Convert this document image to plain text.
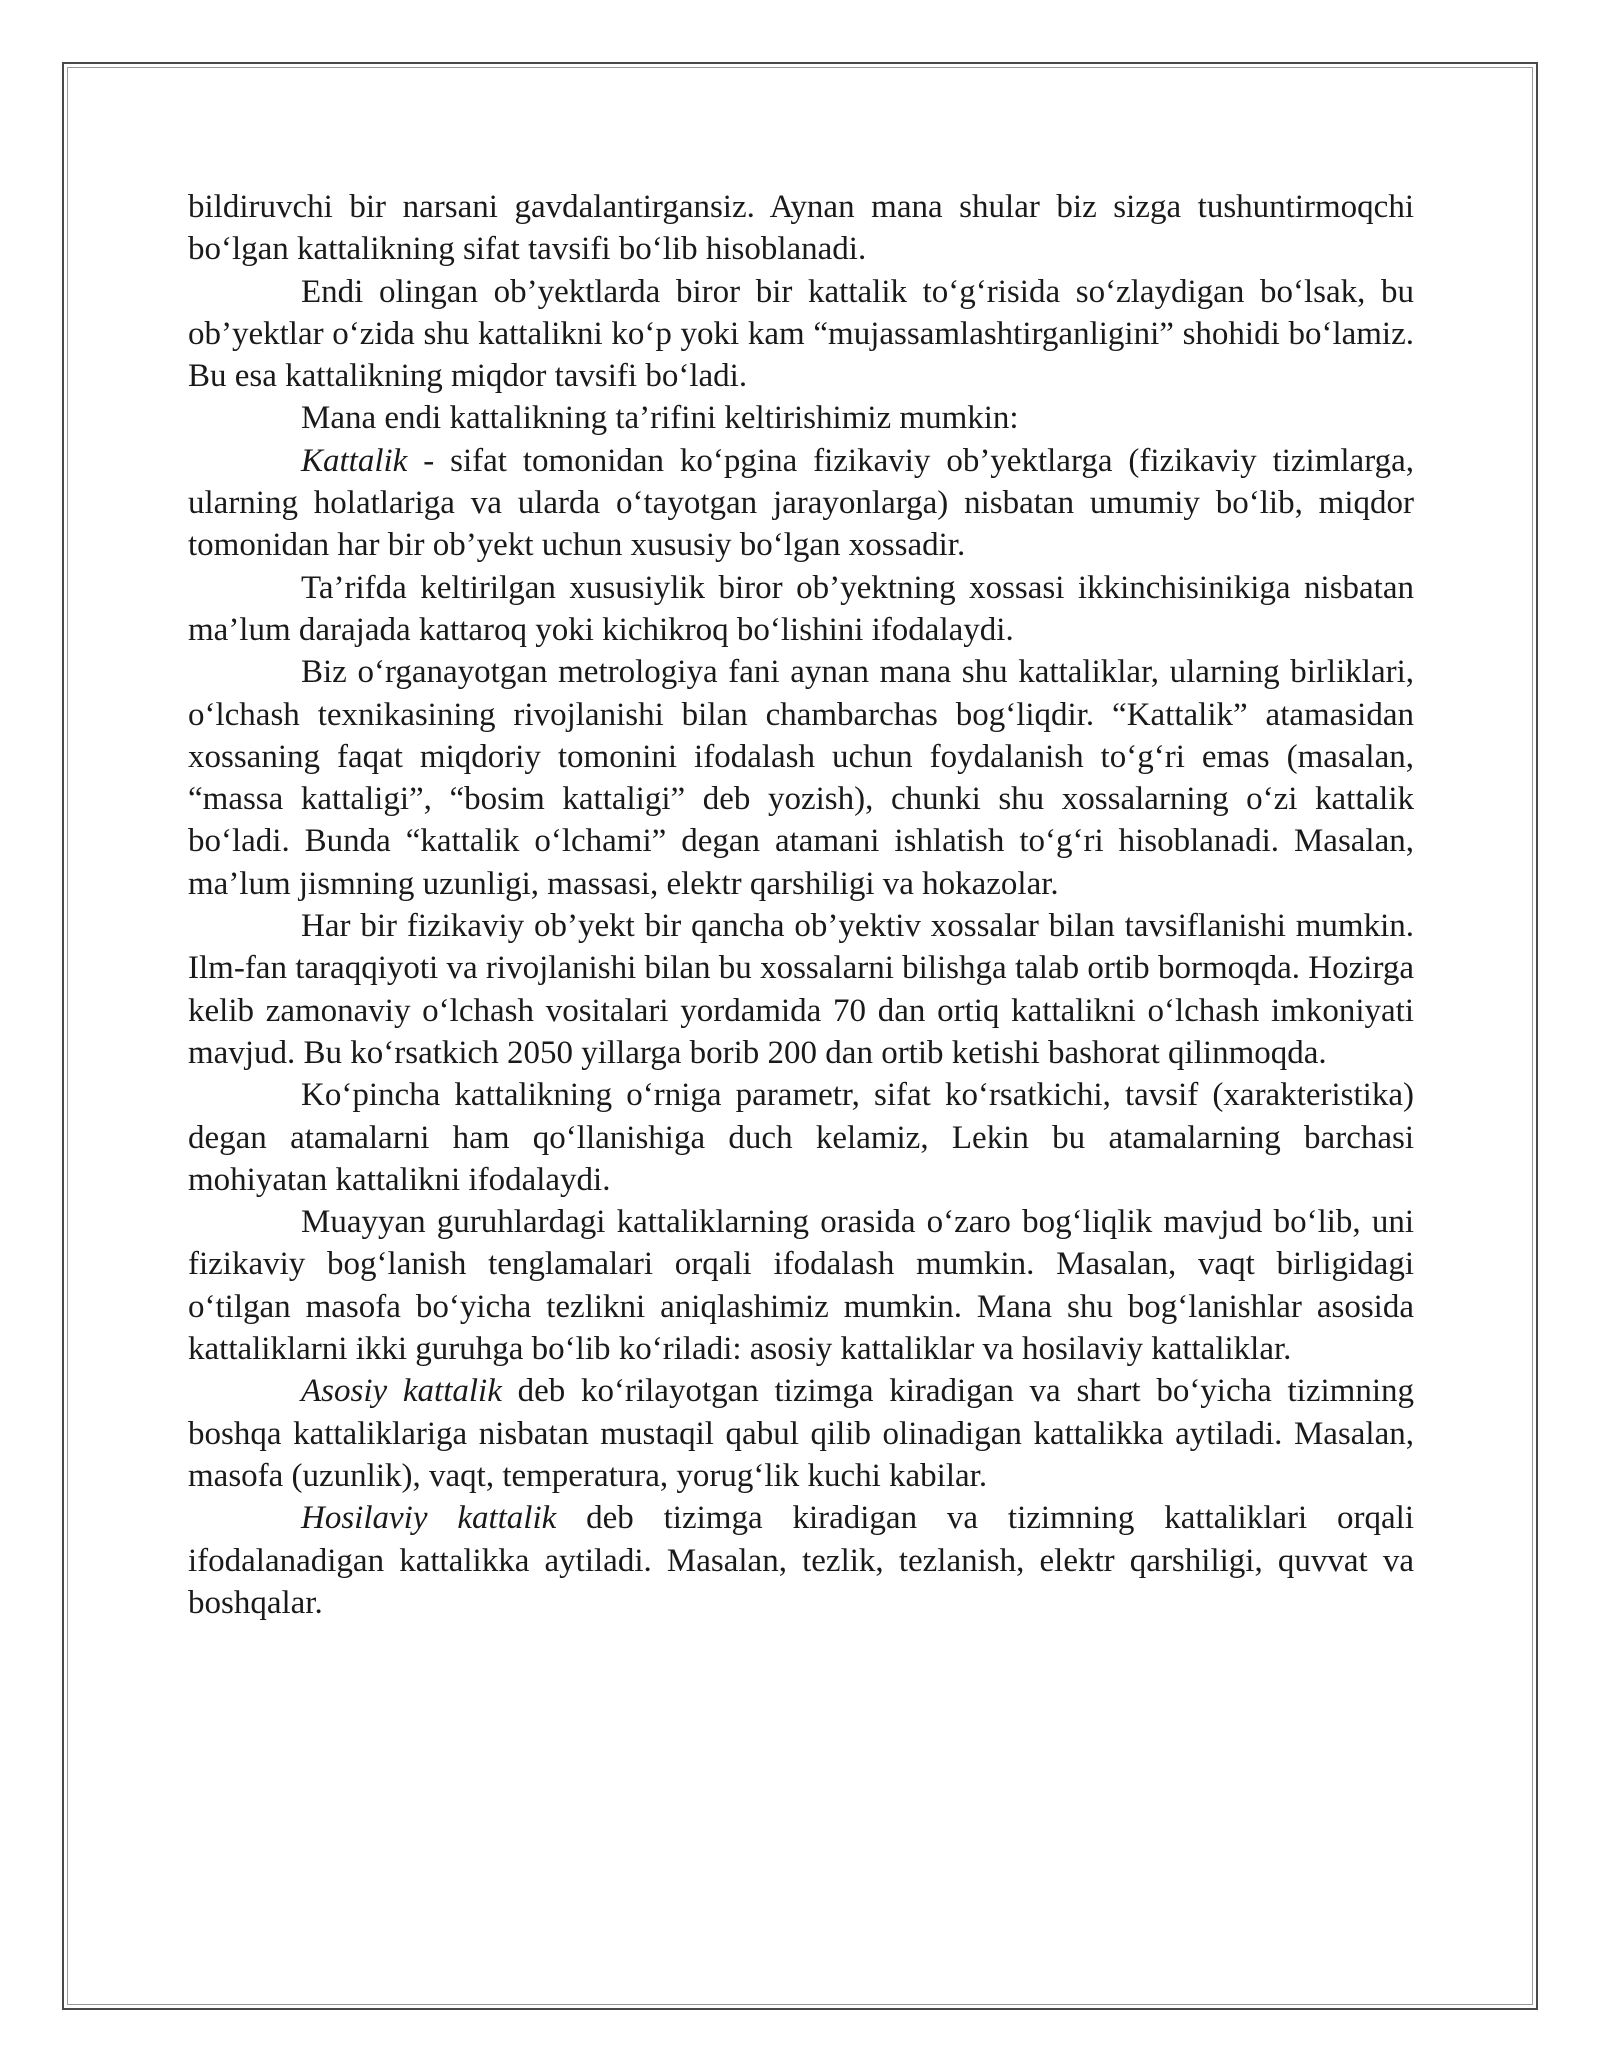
bildiruvchi bir narsani gavdalantirgansiz. Aynan mana shular biz sizga tushuntirmoqchi bo‘lgan kattalikning sifat tavsifi bo‘lib hisoblanadi.

Endi olingan ob’yektlarda biror bir kattalik to‘g‘risida so‘zlaydigan bo‘lsak, bu ob’yektlar o‘zida shu kattalikni ko‘p yoki kam “mujassamlashtirganligini” shohidi bo‘lamiz. Bu esa kattalikning miqdor tavsifi bo‘ladi.

Mana endi kattalikning ta’rifini keltirishimiz mumkin:

Kattalik - sifat tomonidan ko‘pgina fizikaviy ob’yektlarga (fizikaviy tizimlarga, ularning holatlariga va ularda o‘tayotgan jarayonlarga) nisbatan umumiy bo‘lib, miqdor tomonidan har bir ob’yekt uchun xususiy bo‘lgan xossadir.

Ta’rifda keltirilgan xususiylik biror ob’yektning xossasi ikkinchisinikiga nisbatan ma’lum darajada kattaroq yoki kichikroq bo‘lishini ifodalaydi.

Biz o‘rganayotgan metrologiya fani aynan mana shu kattaliklar, ularning birliklari, o‘lchash texnikasining rivojlanishi bilan chambarchas bog‘liqdir. “Kattalik” atamasidan xossaning faqat miqdoriy tomonini ifodalash uchun foydalanish to‘g‘ri emas (masalan, “massa kattaligi”, “bosim kattaligi” deb yozish), chunki shu xossalarning o‘zi kattalik bo‘ladi. Bunda “kattalik o‘lchami” degan atamani ishlatish to‘g‘ri hisoblanadi. Masalan, ma’lum jismning uzunligi, massasi, elektr qarshiligi va hokazolar.

Har bir fizikaviy ob’yekt bir qancha ob’yektiv xossalar bilan tavsiflanishi mumkin. Ilm-fan taraqqiyoti va rivojlanishi bilan bu xossalarni bilishga talab ortib bormoqda. Hozirga kelib zamonaviy o‘lchash vositalari yordamida 70 dan ortiq kattalikni o‘lchash imkoniyati mavjud. Bu ko‘rsatkich 2050 yillarga borib 200 dan ortib ketishi bashorat qilinmoqda.

Ko‘pincha kattalikning o‘rniga parametr, sifat ko‘rsatkichi, tavsif (xarakteristika) degan atamalarni ham qo‘llanishiga duch kelamiz, Lekin bu atamalarning barchasi mohiyatan kattalikni ifodalaydi.

Muayyan guruhlardagi kattaliklarning orasida o‘zaro bog‘liqlik mavjud bo‘lib, uni fizikaviy bog‘lanish tenglamalari orqali ifodalash mumkin. Masalan, vaqt birligidagi o‘tilgan masofa bo‘yicha tezlikni aniqlashimiz mumkin. Mana shu bog‘lanishlar asosida kattaliklarni ikki guruhga bo‘lib ko‘riladi: asosiy kattaliklar va hosilaviy kattaliklar.

Asosiy kattalik deb ko‘rilayotgan tizimga kiradigan va shart bo‘yicha tizimning boshqa kattaliklariga nisbatan mustaqil qabul qilib olinadigan kattalikka aytiladi. Masalan, masofa (uzunlik), vaqt, temperatura, yorug‘lik kuchi kabilar.

Hosilaviy kattalik deb tizimga kiradigan va tizimning kattaliklari orqali ifodalanadigan kattalikka aytiladi. Masalan, tezlik, tezlanish, elektr qarshiligi, quvvat va boshqalar.
